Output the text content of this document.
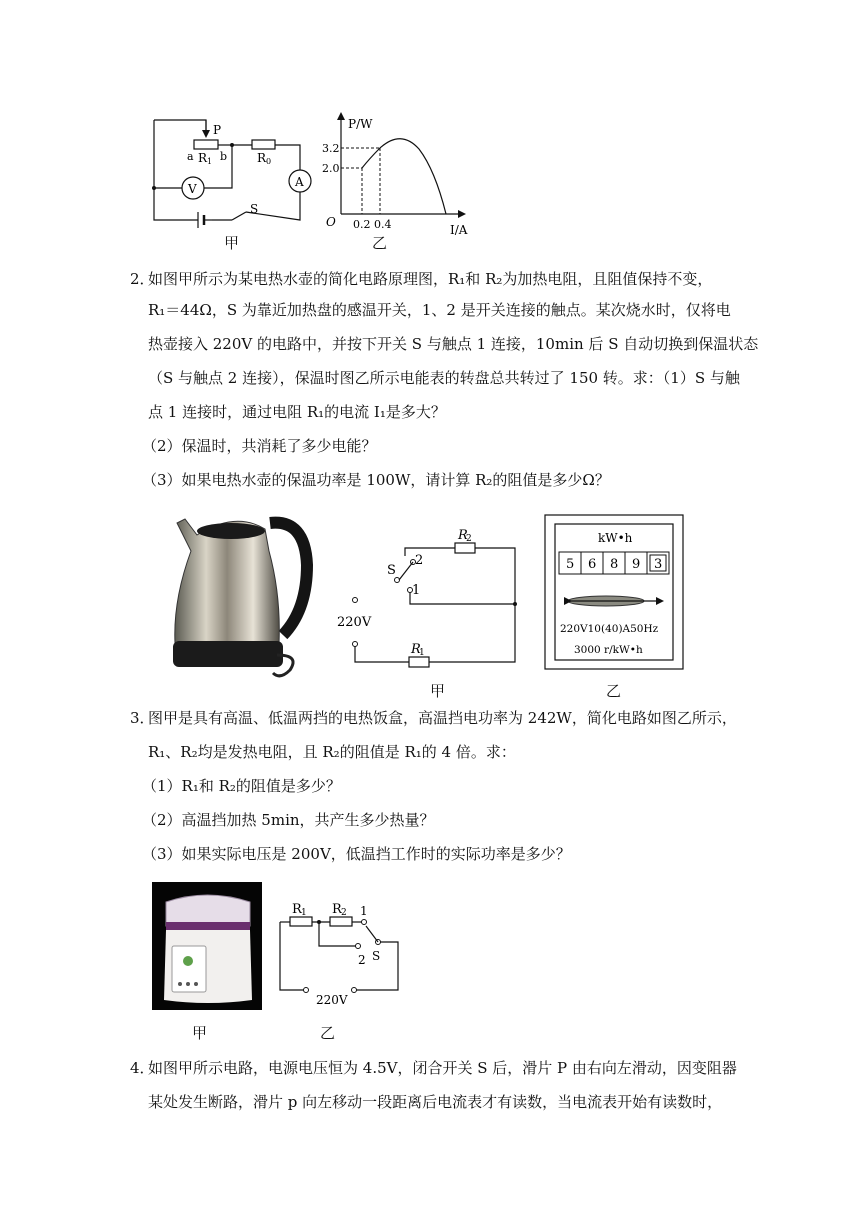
P
a R 1 b R 0
V	A
S
甲
P/W
3.2
2.0
O 0.2 0.4	I/A
乙
2．
如图甲所示为某电热水壶的简化电路原理图，R₁和 R₂为加热电阻，且阻值保持不变，
R₁＝44Ω，S 为靠近加热盘的感温开关，1、2 是开关连接的触点。某次烧水时，仅将电
热壶接入 220V 的电路中，并按下开关 S 与触点 1 连接，10min 后 S 自动切换到保温状态
（S 与触点 2 连接），保温时图乙所示电能表的转盘总共转过了 150 转。求：（1）S 与触
点 1 连接时，通过电阻 R₁的电流 I₁是多大？
（2）保温时，共消耗了多少电能？
（3）如果电热水壶的保温功率是 100W，请计算 R₂的阻值是多少Ω？
R
2
S
2
1
220V
R
1
甲
kW•h
5 6 8 9 3
220V10(40)A50Hz
3000 r/kW•h
乙
3．
图甲是具有高温、低温两挡的电热饭盒，高温挡电功率为 242W，简化电路如图乙所示，
R₁、R₂均是发热电阻，且 R₂的阻值是 R₁的 4 倍。求：
（1）R₁和 R₂的阻值是多少？
（2）高温挡加热 5min，共产生多少热量？
（3）如果实际电压是 200V，低温挡工作时的实际功率是多少？
甲
R 1 R 2 1
2 S
220V
乙
4．
如图甲所示电路，电源电压恒为 4.5V，闭合开关 S 后，滑片 P 由右向左滑动，因变阻器
某处发生断路，滑片 p 向左移动一段距离后电流表才有读数，当电流表开始有读数时，
